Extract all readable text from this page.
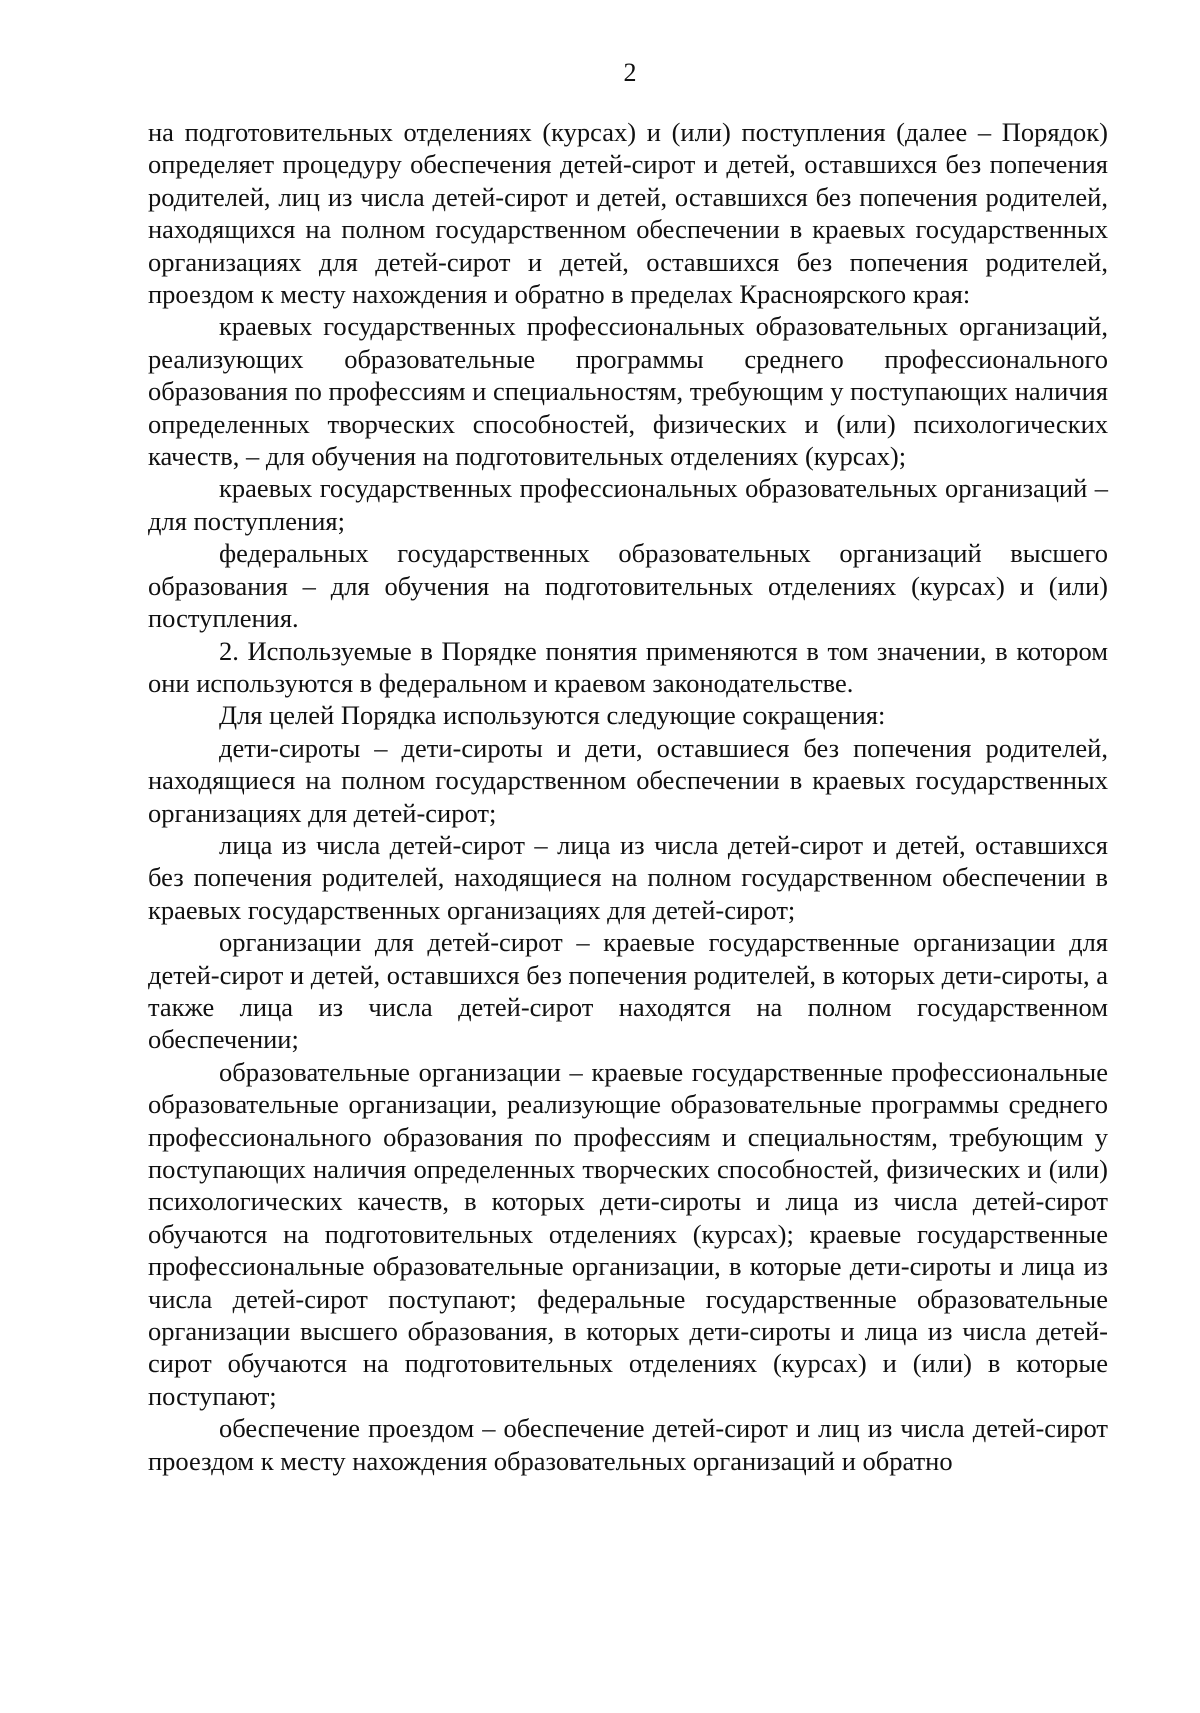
2

на подготовительных отделениях (курсах) и (или) поступления (далее – Порядок) определяет процедуру обеспечения детей-сирот и детей, оставшихся без попечения родителей, лиц из числа детей-сирот и детей, оставшихся без попечения родителей, находящихся на полном государственном обеспечении в краевых государственных организациях для детей-сирот и детей, оставшихся без попечения родителей, проездом к месту нахождения и обратно в пределах Красноярского края:

краевых государственных профессиональных образовательных организаций, реализующих образовательные программы среднего профессионального образования по профессиям и специальностям, требующим у поступающих наличия определенных творческих способностей, физических и (или) психологических качеств, – для обучения на подготовительных отделениях (курсах);

краевых государственных профессиональных образовательных организаций – для поступления;

федеральных государственных образовательных организаций высшего образования – для обучения на подготовительных отделениях (курсах) и (или) поступления.

2. Используемые в Порядке понятия применяются в том значении, в котором они используются в федеральном и краевом законодательстве.

Для целей Порядка используются следующие сокращения:

дети-сироты – дети-сироты и дети, оставшиеся без попечения родителей, находящиеся на полном государственном обеспечении в краевых государственных организациях для детей-сирот;

лица из числа детей-сирот – лица из числа детей-сирот и детей, оставшихся без попечения родителей, находящиеся на полном государственном обеспечении в краевых государственных организациях для детей-сирот;

организации для детей-сирот – краевые государственные организации для детей-сирот и детей, оставшихся без попечения родителей, в которых дети-сироты, а также лица из числа детей-сирот находятся на полном государственном обеспечении;

образовательные организации – краевые государственные профессиональные образовательные организации, реализующие образовательные программы среднего профессионального образования по профессиям и специальностям, требующим у поступающих наличия определенных творческих способностей, физических и (или) психологических качеств, в которых дети-сироты и лица из числа детей-сирот обучаются на подготовительных отделениях (курсах); краевые государственные профессиональные образовательные организации, в которые дети-сироты и лица из числа детей-сирот поступают; федеральные государственные образовательные организации высшего образования, в которых дети-сироты и лица из числа детей-сирот обучаются на подготовительных отделениях (курсах) и (или) в которые поступают;

обеспечение проездом – обеспечение детей-сирот и лиц из числа детей-сирот проездом к месту нахождения образовательных организаций и обратно
